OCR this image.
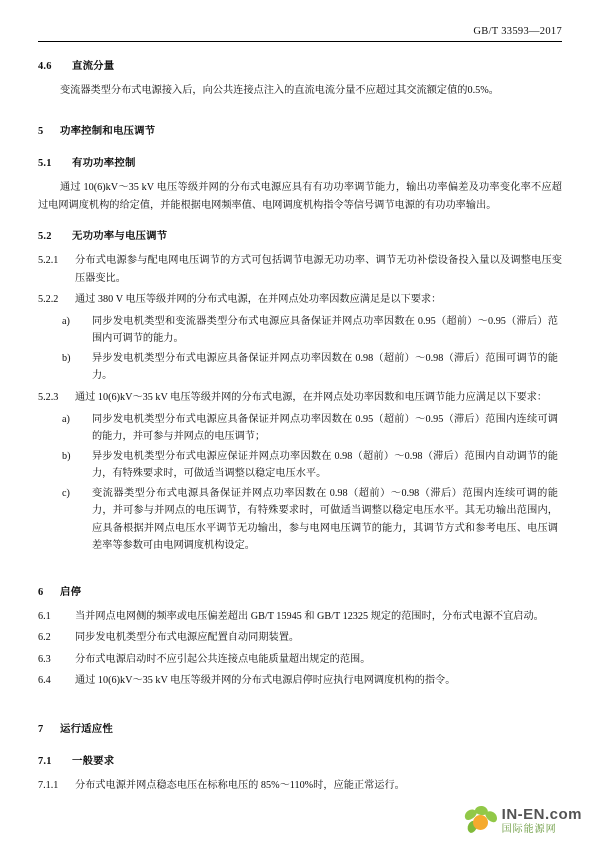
GB/T 33593—2017
4.6 直流分量

变流器类型分布式电源接入后，向公共连接点注入的直流电流分量不应超过其交流额定值的0.5%。

5 功率控制和电压调节
5.1 有功功率控制

通过 10(6)kV～35 kV 电压等级并网的分布式电源应具有有功功率调节能力，输出功率偏差及功率变化率不应超过电网调度机构的给定值，并能根据电网频率值、电网调度机构指令等信号调节电源的有功功率输出。

5.2 无功功率与电压调节
5.2.1	分布式电源参与配电网电压调节的方式可包括调节电源无功功率、调节无功补偿设备投入量以及调整电压变压器变比。
5.2.2	通过 380 V 电压等级并网的分布式电源，在并网点处功率因数应满足是以下要求：
a)	同步发电机类型和变流器类型分布式电源应具备保证并网点功率因数在 0.95（超前）～0.95（滞后）范围内可调节的能力。
b)	异步发电机类型分布式电源应具备保证并网点功率因数在 0.98（超前）～0.98（滞后）范围可调节的能力。
5.2.3	通过 10(6)kV～35 kV 电压等级并网的分布式电源，在并网点处功率因数和电压调节能力应满足以下要求：
a)	同步发电机类型分布式电源应具备保证并网点功率因数在 0.95（超前）～0.95（滞后）范围内连续可调的能力，并可参与并网点的电压调节；
b)	异步发电机类型分布式电源应保证并网点功率因数在 0.98（超前）～0.98（滞后）范围内自动调节的能力，有特殊要求时，可做适当调整以稳定电压水平。
c)	变流器类型分布式电源具备保证并网点功率因数在 0.98（超前）～0.98（滞后）范围内连续可调的能力，并可参与并网点的电压调节，有特殊要求时，可做适当调整以稳定电压水平。其无功输出范围内，应具备根据并网点电压水平调节无功输出，参与电网电压调节的能力，其调节方式和参考电压、电压调差率等参数可由电网调度机构设定。
6 启停
6.1	当并网点电网侧的频率或电压偏差超出 GB/T 15945 和 GB/T 12325 规定的范围时，分布式电源不宜启动。
6.2	同步发电机类型分布式电源应配置自动同期装置。
6.3	分布式电源启动时不应引起公共连接点电能质量超出规定的范围。
6.4	通过 10(6)kV～35 kV 电压等级并网的分布式电源启停时应执行电网调度机构的指令。
7 运行适应性
7.1 一般要求
7.1.1	分布式电源并网点稳态电压在标称电压的 85%～110%时，应能正常运行。
IN-EN.com
国际能源网
